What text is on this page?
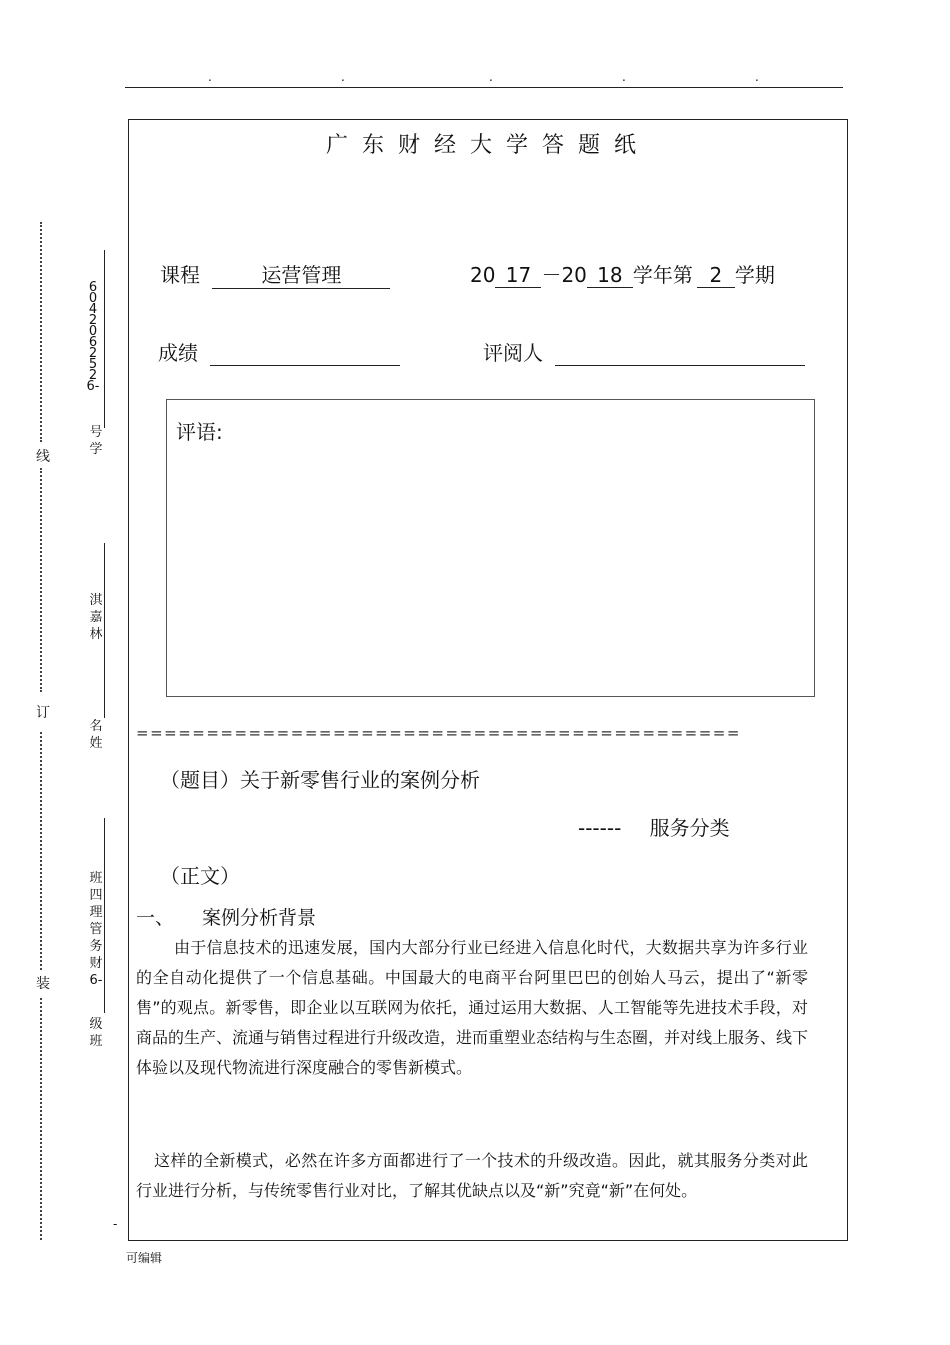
.	.	.	.	.
线
订
装
6042062526-
号学
淇嘉林
名姓
班四理管务财6-
级班
-
广东财经大学答题纸
课程	运营管理	20 17 －20 18 学年第 2 学期
成绩	评阅人
评语:
===========================================
（题目）关于新零售行业的案例分析
------ 服务分类
（正文）
一、 案例分析背景
由于信息技术的迅速发展，国内大部分行业已经进入信息化时代，大数据共享为许多行业的全自动化提供了一个信息基础。中国最大的电商平台阿里巴巴的创始人马云，提出了“新零售”的观点。新零售，即企业以互联网为依托，通过运用大数据、人工智能等先进技术手段，对商品的生产、流通与销售过程进行升级改造，进而重塑业态结构与生态圈，并对线上服务、线下体验以及现代物流进行深度融合的零售新模式。
这样的全新模式，必然在许多方面都进行了一个技术的升级改造。因此，就其服务分类对此行业进行分析，与传统零售行业对比，了解其优缺点以及“新”究竟“新”在何处。
可编辑
